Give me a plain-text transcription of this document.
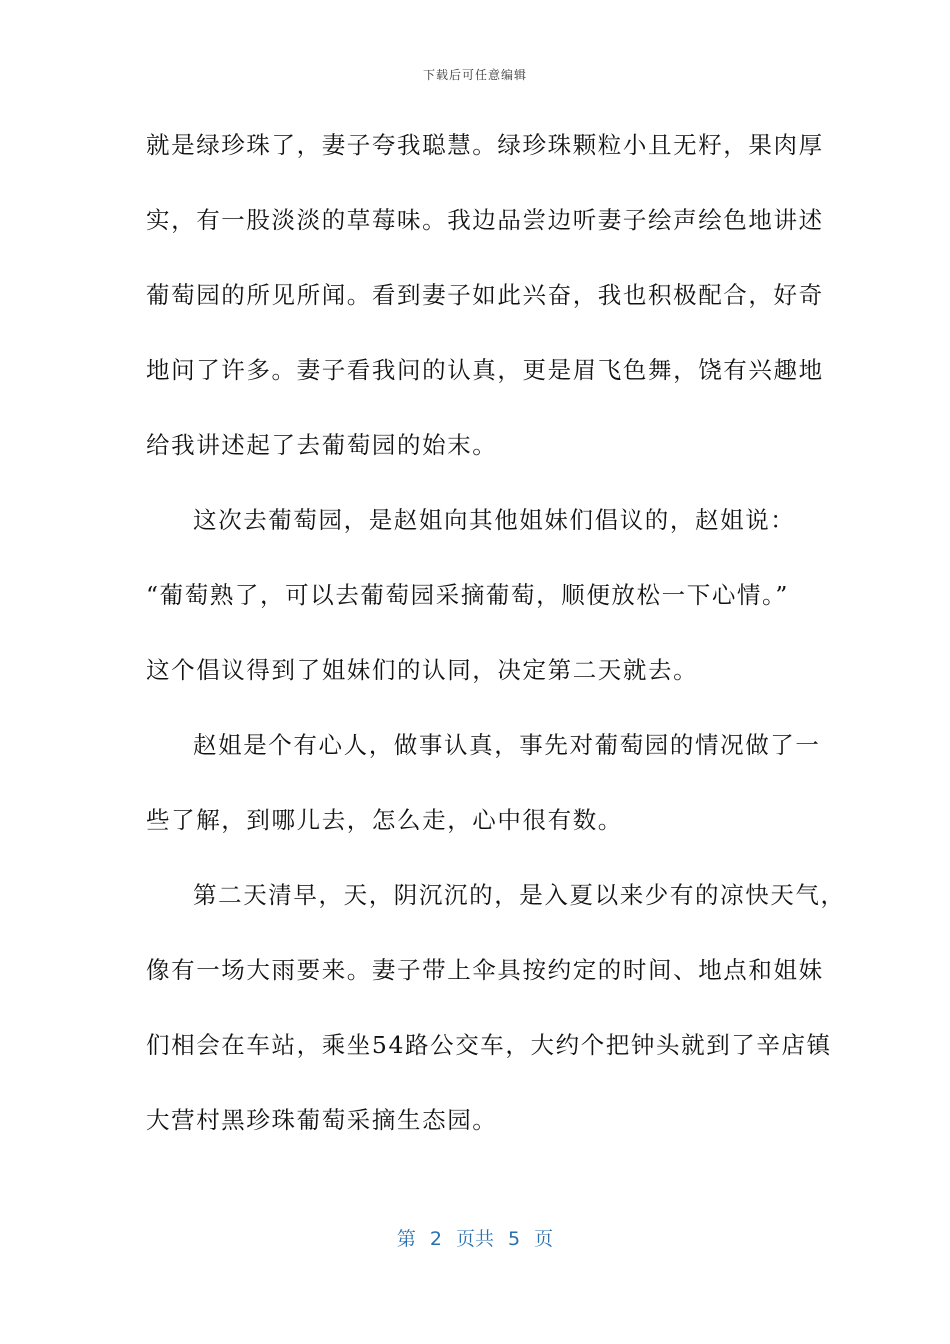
下载后可任意编辑
就是绿珍珠了，妻子夸我聪慧。绿珍珠颗粒小且无籽，果肉厚
实，有一股淡淡的草莓味。我边品尝边听妻子绘声绘色地讲述
葡萄园的所见所闻。看到妻子如此兴奋，我也积极配合，好奇
地问了许多。妻子看我问的认真，更是眉飞色舞，饶有兴趣地
给我讲述起了去葡萄园的始末。
这次去葡萄园，是赵姐向其他姐妹们倡议的，赵姐说：
“葡萄熟了，可以去葡萄园采摘葡萄，顺便放松一下心情。”
这个倡议得到了姐妹们的认同，决定第二天就去。
赵姐是个有心人，做事认真，事先对葡萄园的情况做了一
些了解，到哪儿去，怎么走，心中很有数。
第二天清早，天，阴沉沉的，是入夏以来少有的凉快天气，
像有一场大雨要来。妻子带上伞具按约定的时间、地点和姐妹
们相会在车站，乘坐54路公交车，大约个把钟头就到了辛店镇
大营村黑珍珠葡萄采摘生态园。
第 2 页共 5 页
